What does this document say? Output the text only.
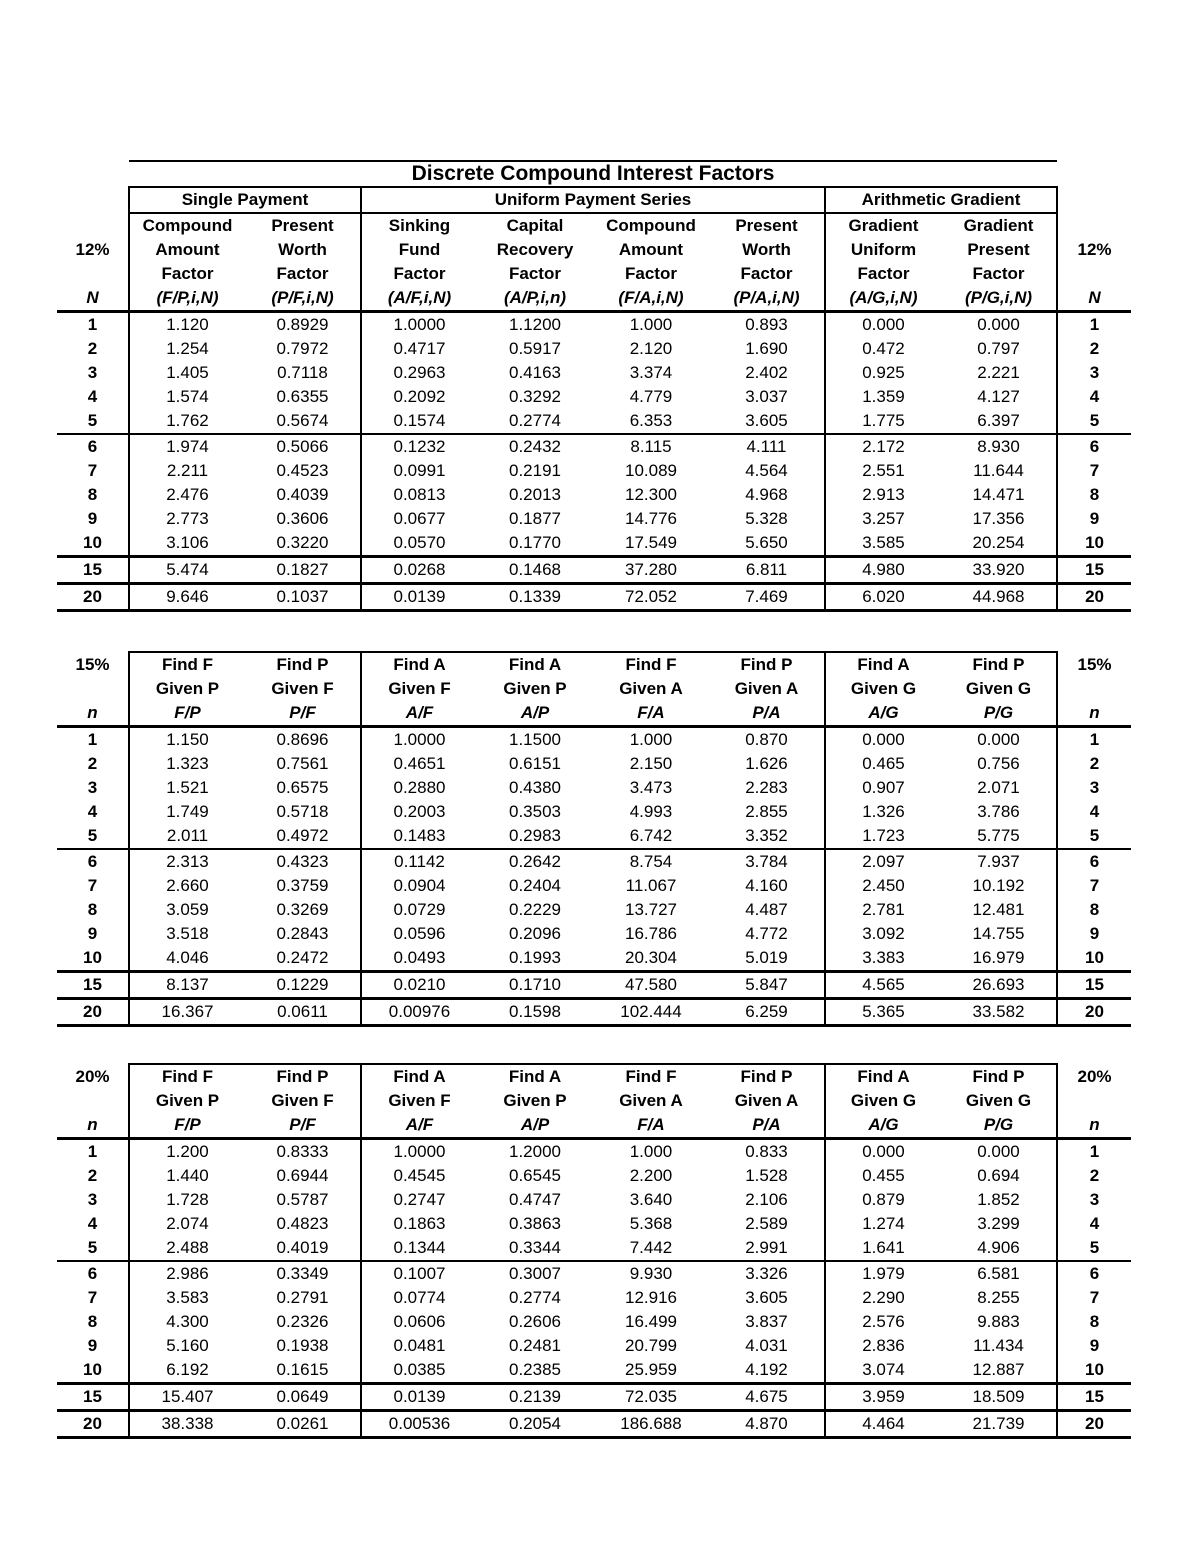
	Discrete Compound Interest Factors								
	Single Payment		Uniform Payment Series				Arithmetic Gradient		
	Compound	Present	Sinking	Capital	Compound	Present	Gradient	Gradient	
12%	Amount	Worth	Fund	Recovery	Amount	Worth	Uniform	Present	12%
	Factor	Factor	Factor	Factor	Factor	Factor	Factor	Factor	
N	(F/P,i,N)	(P/F,i,N)	(A/F,i,N)	(A/P,i,n)	(F/A,i,N)	(P/A,i,N)	(A/G,i,N)	(P/G,i,N)	N
1	1.120	0.8929	1.0000	1.1200	1.000	0.893	0.000	0.000	1
2	1.254	0.7972	0.4717	0.5917	2.120	1.690	0.472	0.797	2
3	1.405	0.7118	0.2963	0.4163	3.374	2.402	0.925	2.221	3
4	1.574	0.6355	0.2092	0.3292	4.779	3.037	1.359	4.127	4
5	1.762	0.5674	0.1574	0.2774	6.353	3.605	1.775	6.397	5
6	1.974	0.5066	0.1232	0.2432	8.115	4.111	2.172	8.930	6
7	2.211	0.4523	0.0991	0.2191	10.089	4.564	2.551	11.644	7
8	2.476	0.4039	0.0813	0.2013	12.300	4.968	2.913	14.471	8
9	2.773	0.3606	0.0677	0.1877	14.776	5.328	3.257	17.356	9
10	3.106	0.3220	0.0570	0.1770	17.549	5.650	3.585	20.254	10
15	5.474	0.1827	0.0268	0.1468	37.280	6.811	4.980	33.920	15
20	9.646	0.1037	0.0139	0.1339	72.052	7.469	6.020	44.968	20
15%	Find F	Find P	Find A	Find A	Find F	Find P	Find A	Find P	15%
	Given P	Given F	Given F	Given P	Given A	Given A	Given G	Given G	
n	F/P	P/F	A/F	A/P	F/A	P/A	A/G	P/G	n
1	1.150	0.8696	1.0000	1.1500	1.000	0.870	0.000	0.000	1
2	1.323	0.7561	0.4651	0.6151	2.150	1.626	0.465	0.756	2
3	1.521	0.6575	0.2880	0.4380	3.473	2.283	0.907	2.071	3
4	1.749	0.5718	0.2003	0.3503	4.993	2.855	1.326	3.786	4
5	2.011	0.4972	0.1483	0.2983	6.742	3.352	1.723	5.775	5
6	2.313	0.4323	0.1142	0.2642	8.754	3.784	2.097	7.937	6
7	2.660	0.3759	0.0904	0.2404	11.067	4.160	2.450	10.192	7
8	3.059	0.3269	0.0729	0.2229	13.727	4.487	2.781	12.481	8
9	3.518	0.2843	0.0596	0.2096	16.786	4.772	3.092	14.755	9
10	4.046	0.2472	0.0493	0.1993	20.304	5.019	3.383	16.979	10
15	8.137	0.1229	0.0210	0.1710	47.580	5.847	4.565	26.693	15
20	16.367	0.0611	0.00976	0.1598	102.444	6.259	5.365	33.582	20
20%	Find F	Find P	Find A	Find A	Find F	Find P	Find A	Find P	20%
	Given P	Given F	Given F	Given P	Given A	Given A	Given G	Given G	
n	F/P	P/F	A/F	A/P	F/A	P/A	A/G	P/G	n
1	1.200	0.8333	1.0000	1.2000	1.000	0.833	0.000	0.000	1
2	1.440	0.6944	0.4545	0.6545	2.200	1.528	0.455	0.694	2
3	1.728	0.5787	0.2747	0.4747	3.640	2.106	0.879	1.852	3
4	2.074	0.4823	0.1863	0.3863	5.368	2.589	1.274	3.299	4
5	2.488	0.4019	0.1344	0.3344	7.442	2.991	1.641	4.906	5
6	2.986	0.3349	0.1007	0.3007	9.930	3.326	1.979	6.581	6
7	3.583	0.2791	0.0774	0.2774	12.916	3.605	2.290	8.255	7
8	4.300	0.2326	0.0606	0.2606	16.499	3.837	2.576	9.883	8
9	5.160	0.1938	0.0481	0.2481	20.799	4.031	2.836	11.434	9
10	6.192	0.1615	0.0385	0.2385	25.959	4.192	3.074	12.887	10
15	15.407	0.0649	0.0139	0.2139	72.035	4.675	3.959	18.509	15
20	38.338	0.0261	0.00536	0.2054	186.688	4.870	4.464	21.739	20
